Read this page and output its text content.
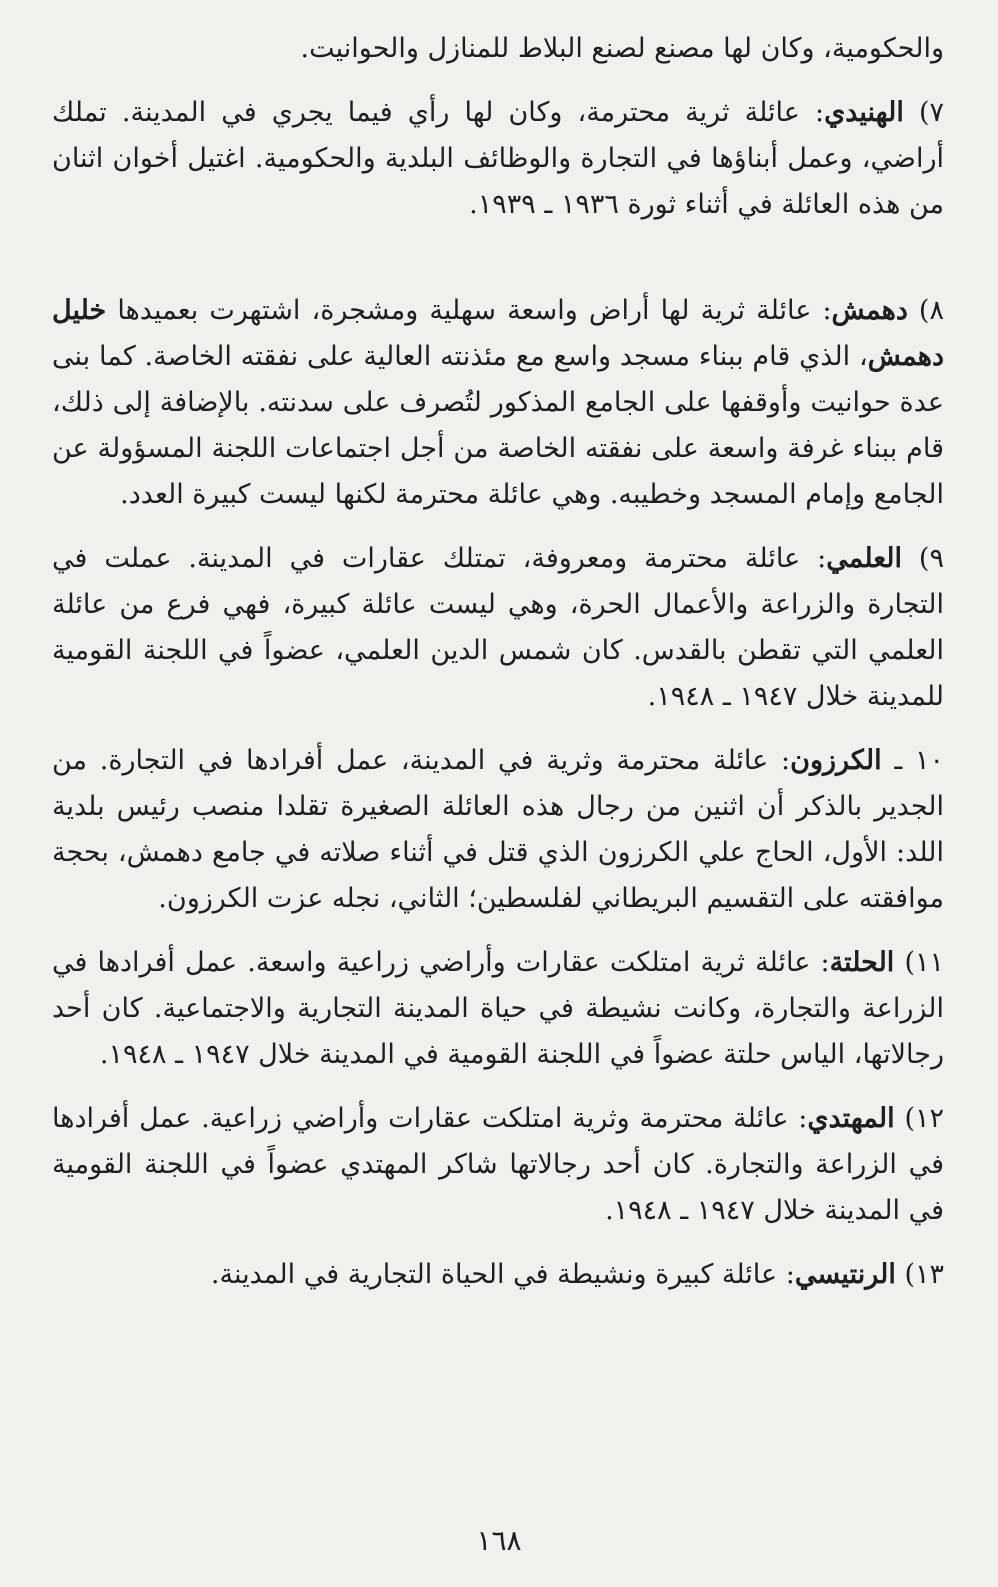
والحكومية، وكان لها مصنع لصنع البلاط للمنازل والحوانيت.

٧) الهنيدي: عائلة ثرية محترمة، وكان لها رأي فيما يجري في المدينة. تملك أراضي، وعمل أبناؤها في التجارة والوظائف البلدية والحكومية. اغتيل أخوان اثنان من هذه العائلة في أثناء ثورة ١٩٣٦ ـ ١٩٣٩.

٨) دهمش: عائلة ثرية لها أراض واسعة سهلية ومشجرة، اشتهرت بعميدها خليل دهمش، الذي قام ببناء مسجد واسع مع مئذنته العالية على نفقته الخاصة. كما بنى عدة حوانيت وأوقفها على الجامع المذكور لتُصرف على سدنته. بالإضافة إلى ذلك، قام ببناء غرفة واسعة على نفقته الخاصة من أجل اجتماعات اللجنة المسؤولة عن الجامع وإمام المسجد وخطيبه. وهي عائلة محترمة لكنها ليست كبيرة العدد.

٩) العلمي: عائلة محترمة ومعروفة، تمتلك عقارات في المدينة. عملت في التجارة والزراعة والأعمال الحرة، وهي ليست عائلة كبيرة، فهي فرع من عائلة العلمي التي تقطن بالقدس. كان شمس الدين العلمي، عضواً في اللجنة القومية للمدينة خلال ١٩٤٧ ـ ١٩٤٨.

١٠ ـ الكرزون: عائلة محترمة وثرية في المدينة، عمل أفرادها في التجارة. من الجدير بالذكر أن اثنين من رجال هذه العائلة الصغيرة تقلدا منصب رئيس بلدية اللد: الأول، الحاج علي الكرزون الذي قتل في أثناء صلاته في جامع دهمش، بحجة موافقته على التقسيم البريطاني لفلسطين؛ الثاني، نجله عزت الكرزون.

١١) الحلتة: عائلة ثرية امتلكت عقارات وأراضي زراعية واسعة. عمل أفرادها في الزراعة والتجارة، وكانت نشيطة في حياة المدينة التجارية والاجتماعية. كان أحد رجالاتها، الياس حلتة عضواً في اللجنة القومية في المدينة خلال ١٩٤٧ ـ ١٩٤٨.

١٢) المهتدي: عائلة محترمة وثرية امتلكت عقارات وأراضي زراعية. عمل أفرادها في الزراعة والتجارة. كان أحد رجالاتها شاكر المهتدي عضواً في اللجنة القومية في المدينة خلال ١٩٤٧ ـ ١٩٤٨.

١٣) الرنتيسي: عائلة كبيرة ونشيطة في الحياة التجارية في المدينة.

١٦٨
